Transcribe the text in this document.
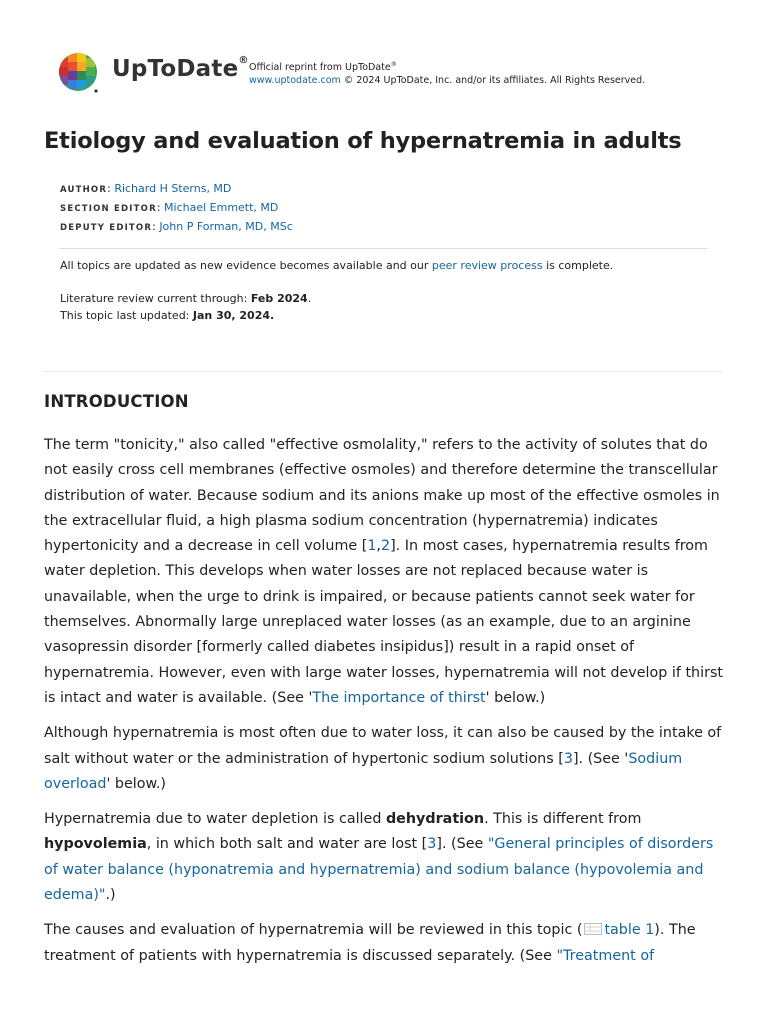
UpToDate®
Official reprint from UpToDate®
www.uptodate.com © 2024 UpToDate, Inc. and/or its affiliates. All Rights Reserved.
Etiology and evaluation of hypernatremia in adults
AUTHOR: Richard H Sterns, MD
SECTION EDITOR: Michael Emmett, MD
DEPUTY EDITOR: John P Forman, MD, MSc
All topics are updated as new evidence becomes available and our peer review process is complete.
Literature review current through: Feb 2024.
This topic last updated: Jan 30, 2024.
INTRODUCTION

The term "tonicity," also called "effective osmolality," refers to the activity of solutes that do not easily cross cell membranes (effective osmoles) and therefore determine the transcellular distribution of water. Because sodium and its anions make up most of the effective osmoles in the extracellular fluid, a high plasma sodium concentration (hypernatremia) indicates hypertonicity and a decrease in cell volume [1,2]. In most cases, hypernatremia results from water depletion. This develops when water losses are not replaced because water is unavailable, when the urge to drink is impaired, or because patients cannot seek water for themselves. Abnormally large unreplaced water losses (as an example, due to an arginine vasopressin disorder [formerly called diabetes insipidus]) result in a rapid onset of hypernatremia. However, even with large water losses, hypernatremia will not develop if thirst is intact and water is available. (See 'The importance of thirst' below.)

Although hypernatremia is most often due to water loss, it can also be caused by the intake of salt without water or the administration of hypertonic sodium solutions [3]. (See 'Sodium overload' below.)

Hypernatremia due to water depletion is called dehydration. This is different from hypovolemia, in which both salt and water are lost [3]. (See "General principles of disorders of water balance (hyponatremia and hypernatremia) and sodium balance (hypovolemia and edema)".)

The causes and evaluation of hypernatremia will be reviewed in this topic ( table 1). The treatment of patients with hypernatremia is discussed separately. (See "Treatment of
